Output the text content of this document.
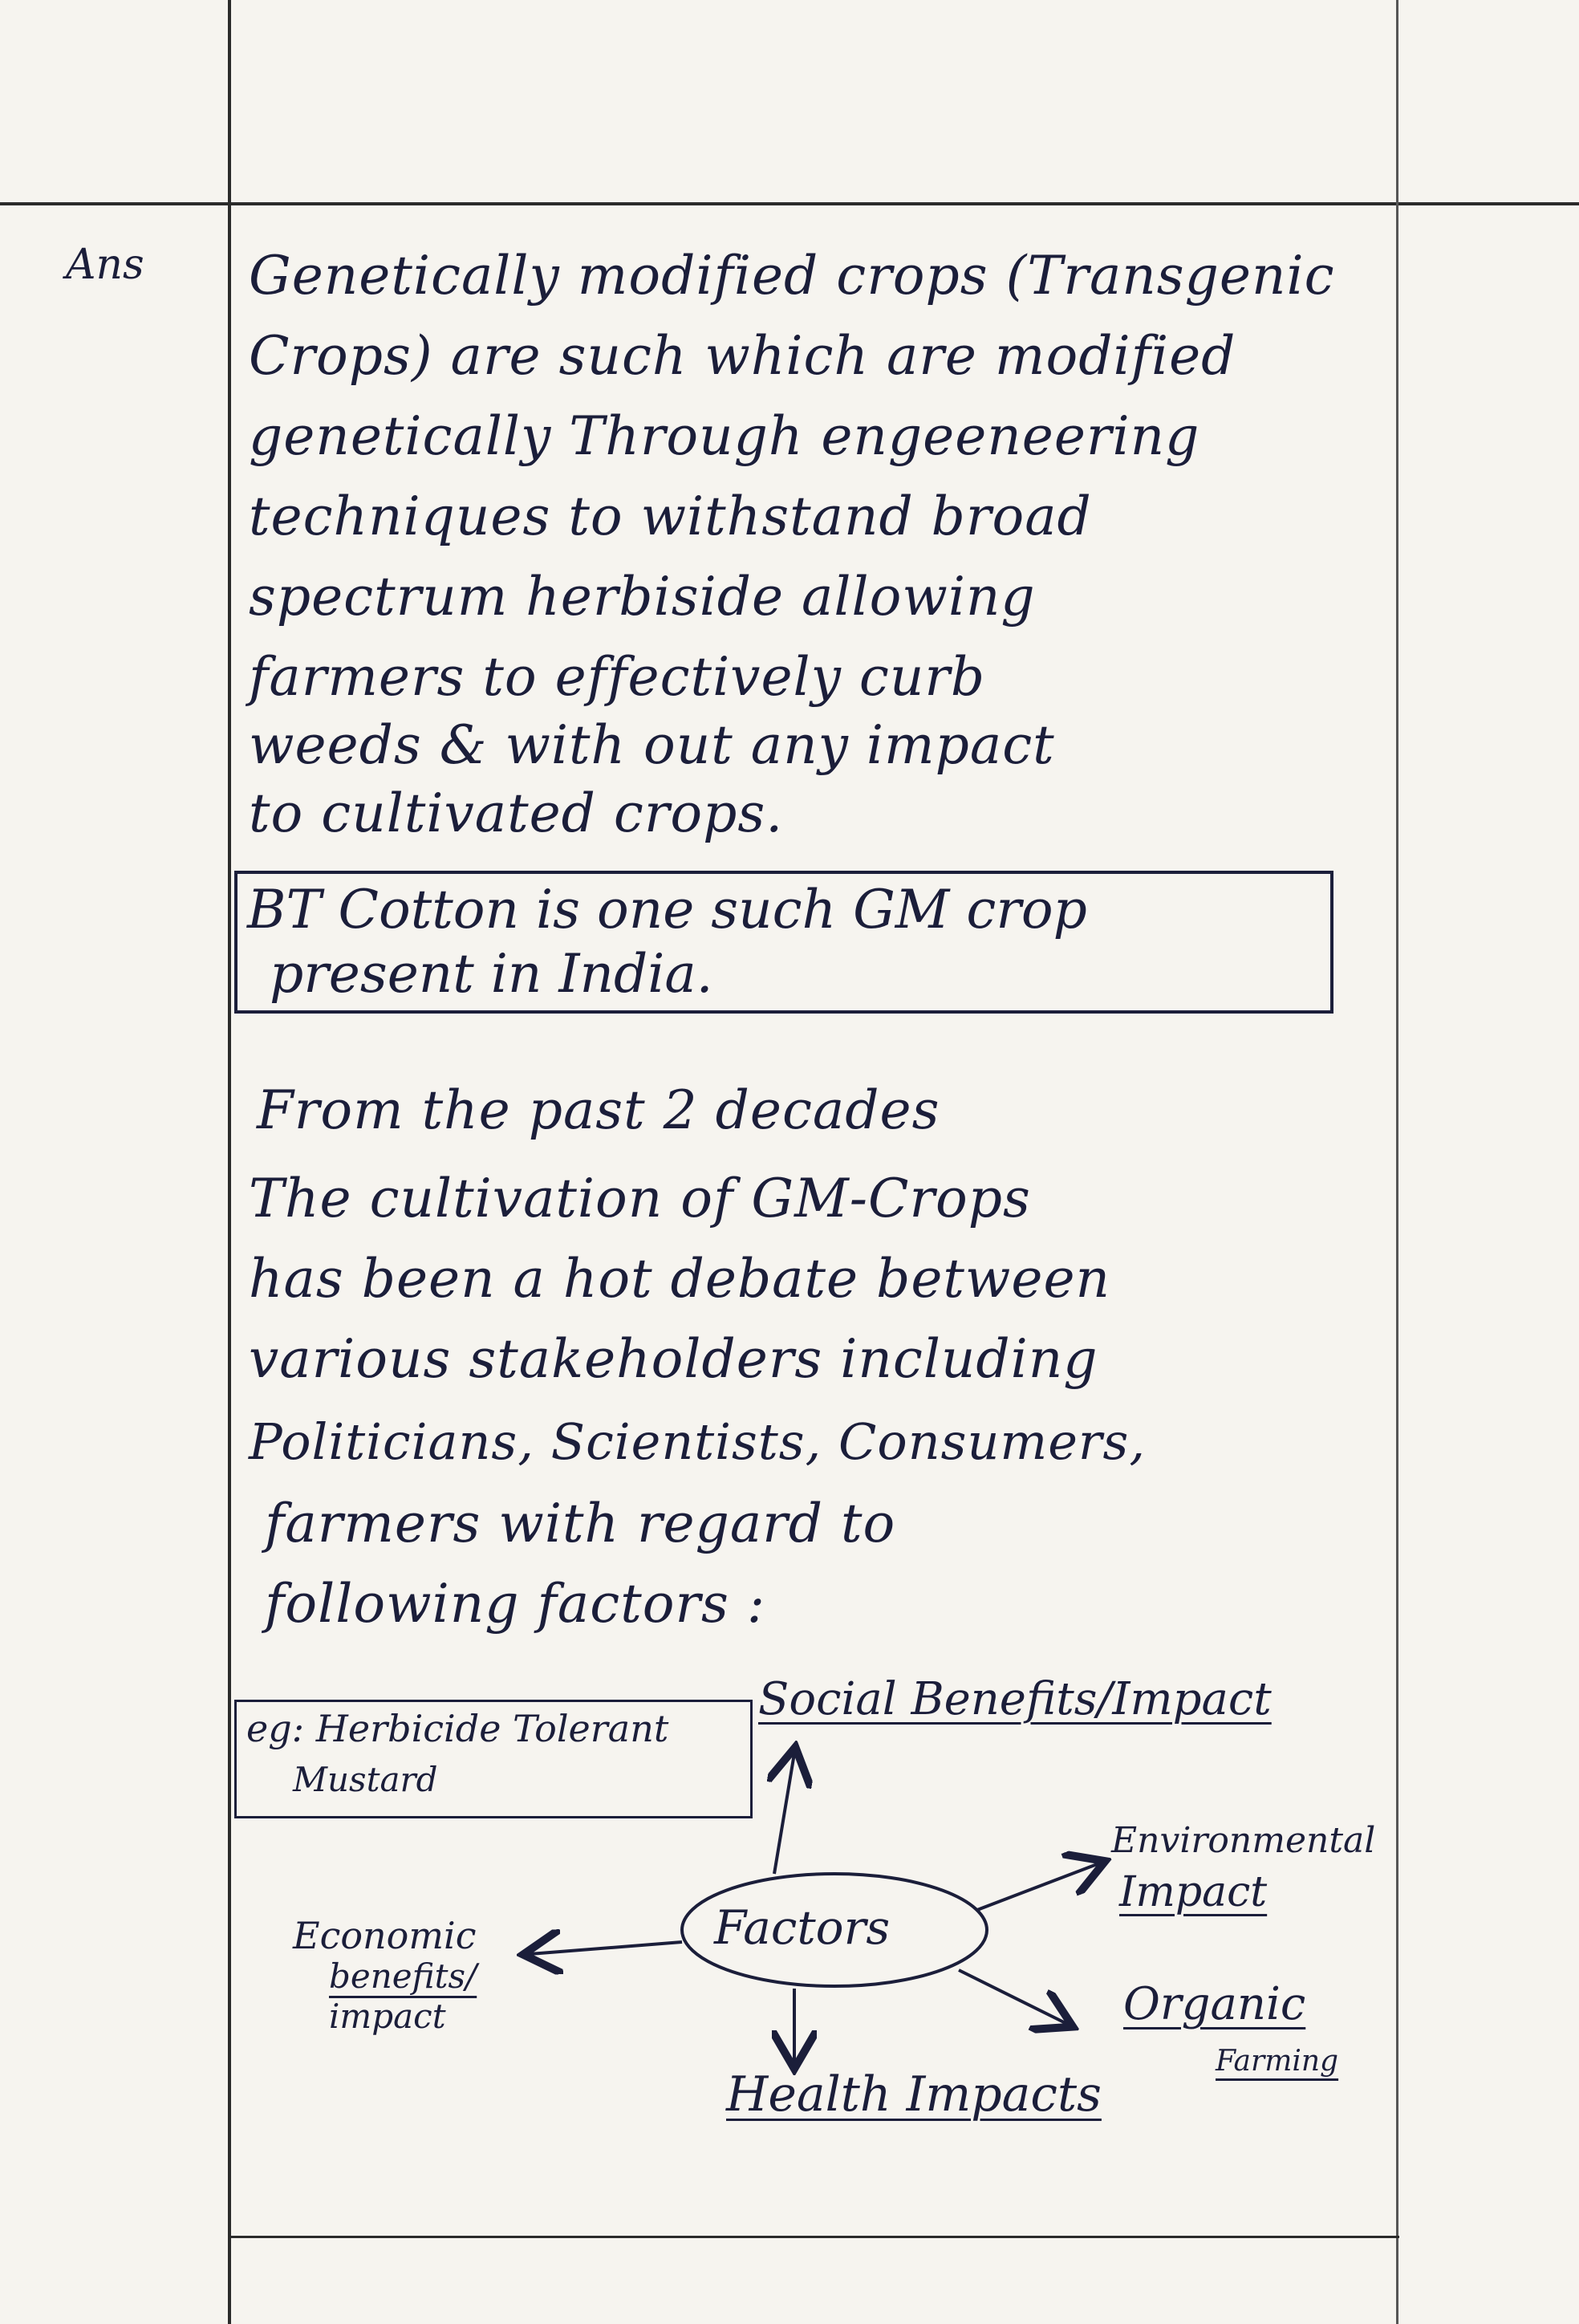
Ans Genetically modified crops (Transgenic
Crops) are such which are modified
genetically Through engeeneering
techniques to withstand broad
spectrum herbiside allowing
farmers to effectively curb
weeds & with out any impact
to cultivated crops.
BT Cotton is one such GM crop
present in India.
From the past 2 decades
The cultivation of GM-Crops
has been a hot debate between
various stakeholders including
Politicians, Scientists, Consumers,
farmers with regard to
following factors :
eg: Herbicide Tolerant
Mustard
Factors
Social Benefits/Impact
Environmental
Impact
Organic
Farming
Health Impacts
Economic
benefits/
impact
